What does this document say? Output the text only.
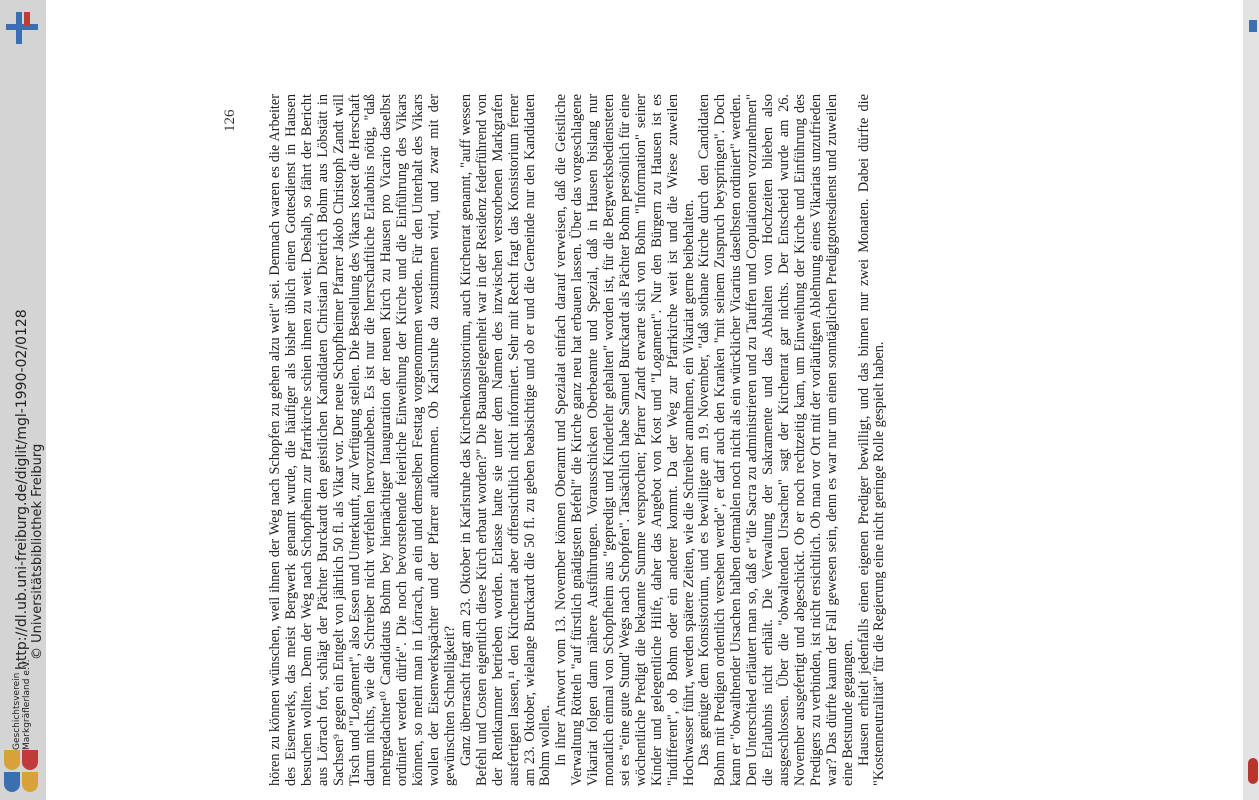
126 hören zu können wünschen, weil ihnen der Weg nach Schopfen zu gehen alzu weit" sei. Demnach waren es die Arbeiter des Eisenwerks, das meist Bergwerk genannt wurde, die häufiger als bisher üblich einen Gottesdienst in Hausen besuchen wollten. Denn der Weg nach Schopfheim zur Pfarrkirche schien ihnen zu weit. Deshalb, so fährt der Bericht aus Lörrach fort, schlägt der Pächter Burckardt den geistlichen Kandidaten Christian Dietrich Bohm aus Löbstätt in Sachsen⁹ gegen ein Entgelt von jährlich 50 fl. als Vikar vor. Der neue Schopfheimer Pfarrer Jakob Christoph Zandt will Tisch und "Logament", also Essen und Unterkunft, zur Verfügung stellen. Die Bestellung des Vikars kostet die Herschaft darum nichts, wie die Schreiber nicht verfehlen hervorzuheben. Es ist nur die herrschaftliche Erlaubnis nötig, "daß mehrgedachter¹⁰ Candidatus Bohm bey hiernächtiger Inauguration der neuen Kirch zu Hausen pro Vicario daselbst ordiniert werden dürfe". Die noch bevorstehende feierliche Einweihung der Kirche und die Einführung des Vikars können, so meint man in Lörrach, an ein und demselben Festtag vorgenommen werden. Für den Unterhalt des Vikars wollen der Eisenwerkspächter und der Pfarrer aufkommen. Ob Karlsruhe da zustimmen wird, und zwar mit der gewünschten Schnelligkeit? Ganz überrascht fragt am 23. Oktober in Karlsruhe das Kirchenkonsistorium, auch Kirchenrat genannt, "auff wessen Befehl und Costen eigentlich diese Kirch erbaut worden?" Die Bauangelegenheit war in der Residenz federführend von der Rentkammer betrieben worden. Erlasse hatte sie unter dem Namen des inzwischen verstorbenen Markgrafen ausfertigen lassen,¹¹ den Kirchenrat aber offensichtlich nicht informiert. Sehr mit Recht fragt das Konsistorium ferner am 23. Oktober, wielange Burckardt die 50 fl. zu geben beabsichtige und ob er und die Gemeinde nur den Kandidaten Bohm wollen. In ihrer Antwort vom 13. November können Oberamt und Spezialat einfach darauf verweisen, daß die Geistliche Verwaltung Rötteln "auf fürstlich gnädigsten Befehl" die Kirche ganz neu hat erbauen lassen. Über das vorgeschlagene Vikariat folgen dann nähere Ausführungen. Vorausschicken Oberbeamte und Spezial, daß in Hausen bislang nur monatlich einmal von Schopfheim aus "gepredigt und Kinderlehr gehalten" worden ist, für die Bergwerksbediensteten sei es "eine gute Stund' Wegs nach Schopfen". Tatsächlich habe Samuel Burckardt als Pächter Bohm persönlich für eine wöchentliche Predigt die bekannte Summe versprochen; Pfarrer Zandt erwarte sich von Bohm "Information" seiner Kinder und gelegentliche Hilfe, daher das Angebot von Kost und "Logament". Nur den Bürgern zu Hausen ist es "indifferent", ob Bohm oder ein anderer kommt. Da der Weg zur Pfarrkirche weit ist und die Wiese zuweilen Hochwasser führt, werden spätere Zeiten, wie die Schreiber annehmen, ein Vikariat gerne beibehalten. Das genügte dem Konsistorium, und es bewilligte am 19. November, "daß sothane Kirche durch den Candidaten Bohm mit Predigen ordentlich versehen werde", er darf auch den Kranken "mit seinem Zuspruch beyspringen". Doch kann er "obwalthender Ursachen halben dermahlen noch nicht als ein würcklicher Vicarius daselbsten ordiniert" werden. Den Unterschied erläutert man so, daß er "die Sacra zu administrieren und zu Tauffen und Copulationen vorzunehmen" die Erlaubnis nicht erhält. Die Verwaltung der Sakramente und das Abhalten von Hochzeiten blieben also ausgeschlossen. Über die "obwaltenden Ursachen" sagt der Kirchenrat gar nichts. Der Entscheid wurde am 26. November ausgefertigt und abgeschickt. Ob er noch rechtzeitig kam, um Einweihung der Kirche und Einführung des Predigers zu verbinden, ist nicht ersichtlich. Ob man vor Ort mit der vorläufigen Ablehnung eines Vikariats unzufrieden war? Das dürfte kaum der Fall gewesen sein, denn es war nur um einen sonntäglichen Predigtgottesdienst und zuweilen eine Betstunde gegangen. Hausen erhielt jedenfalls einen eigenen Prediger bewilligt, und das binnen nur zwei Monaten. Dabei dürfte die "Kostenneutralität" für die Regierung eine nicht geringe Rolle gespielt haben.

http://dl.ub.uni-freiburg.de/diglit/mgl-1990-02/0128 © Universitätsbibliothek Freiburg
Geschichtsverein Markgräflerland e.V.
